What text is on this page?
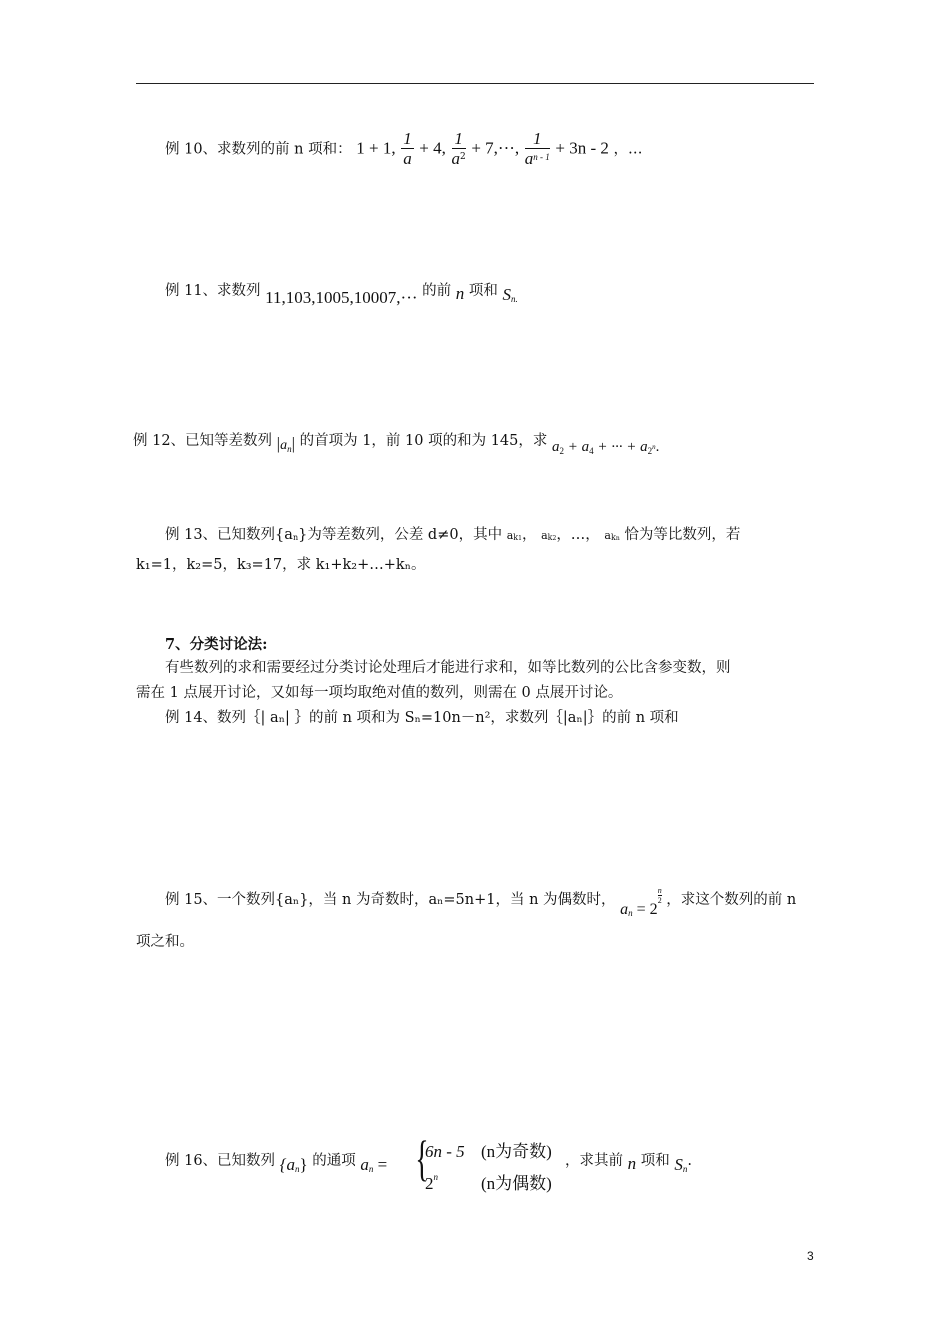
例 10、求数列的前 n 项和： 1 + 1, $\frac{1}{a} + 4$, $\frac{1}{a^2} + 7,\cdot\cdot\cdot$, $\frac{1}{a^{n - 1}} + 3n - 2$ ，…
例 11、求数列 11,103,1005,10007,··· 的前 n 项和 $S_{n.}$
例 12、已知等差数列 $|a_n|$ 的首项为 1，前 10 项的和为 145，求 $a_2 + a_4$ + ··· + $a_{2^n}$.
例 13、已知数列$\{a_n\}$为等差数列，公差 d≠0，其中 $a_{k1}$， $a_{k2}$，…， $a_{kn}$ 恰为等比数列，若
k₁=1，k₂=5，k₃=17，求 k₁+k₂+…+kₙ。
7、分类讨论法:
有些数列的求和需要经过分类讨论处理后才能进行求和，如等比数列的公比含参变数，则
需在 1 点展开讨论，又如每一项均取绝对值的数列，则需在 0 点展开讨论。
例 14、数列｛| aₙ| ｝的前 n 项和为 Sₙ=10n－n²，求数列｛|aₙ|｝的前 n 项和
例 15、一个数列{aₙ}，当 n 为奇数时，aₙ=5n+1，当 n 为偶数时， $a_n = 2$
$\frac{n}{2}$ ，求这个数列的前 n
项之和。
例 16、已知数列 $\{a_n\}$ 的通项 $a_n$ = {
6n - 5 (n为奇数)
2$^n$	(n为偶数)
，求其前 n 项和 $S_n$.
3
